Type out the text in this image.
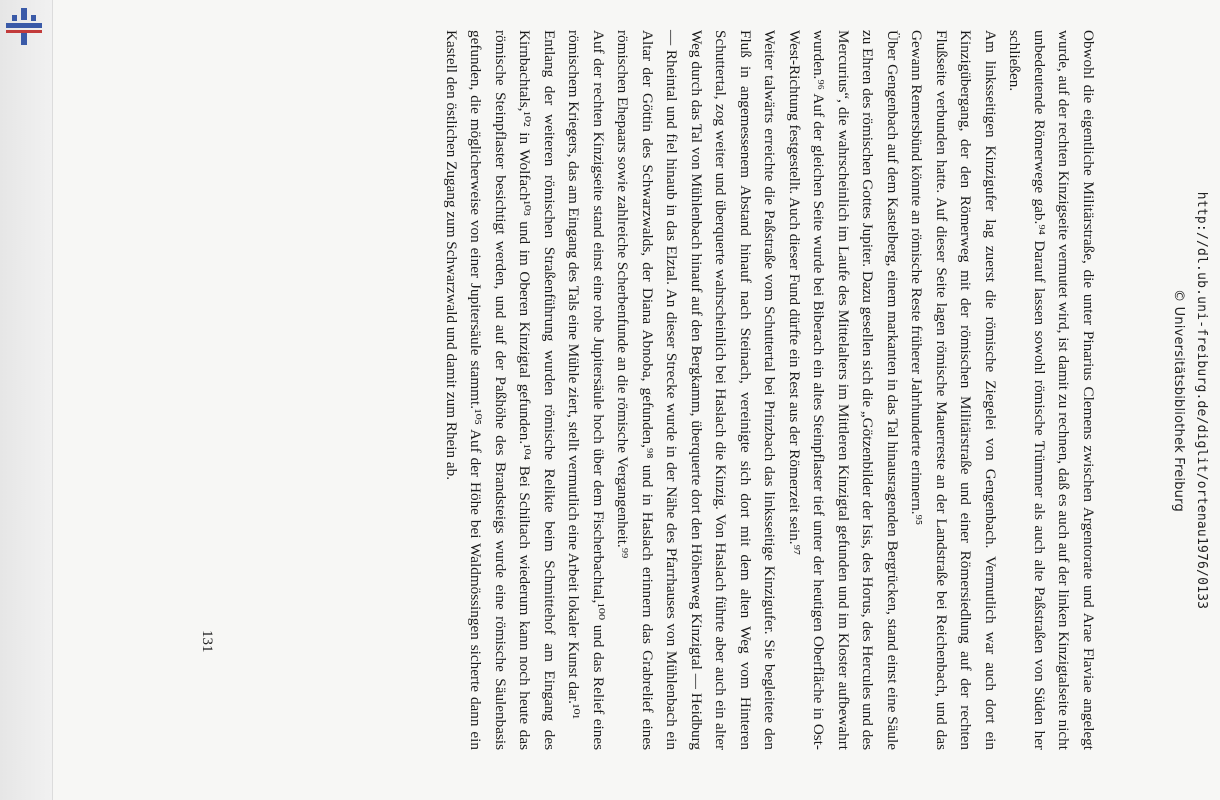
Obwohl die eigentliche Militärstraße, die unter Pinarius Clemens zwischen Argentorate und Arae Flaviae angelegt wurde, auf der rechten Kinzigseite vermutet wird, ist damit zu rechnen, daß es auch auf der linken Kinzigtalseite nicht unbedeutende Römerwege gab.⁹⁴ Darauf lassen sowohl römische Trümmer als auch alte Paßstraßen von Süden her schließen.

Am linksseitigen Kinzigufer lag zuerst die römische Ziegelei von Gengenbach. Vermutlich war auch dort ein Kinzigübergang, der den Römerweg mit der römischen Militärstraße und einer Römersiedlung auf der rechten Flußseite verbunden hatte. Auf dieser Seite lagen römische Mauerreste an der Landstraße bei Reichenbach, und das Gewann Remersbünd könnte an römische Reste früherer Jahrhunderte erinnern.⁹⁵

Über Gengenbach auf dem Kastelberg, einem markanten in das Tal hinausragenden Bergrücken, stand einst eine Säule zu Ehren des römischen Gottes Jupiter. Dazu gesellen sich die „Götzenbilder der Isis, des Horus, des Hercules und des Mercurius“, die wahrscheinlich im Laufe des Mittelalters im Mittleren Kinzigtal gefunden und im Kloster aufbewahrt wurden.⁹⁶ Auf der gleichen Seite wurde bei Biberach ein altes Steinpflaster tief unter der heutigen Oberfläche in Ost-West-Richtung festgestellt. Auch dieser Fund dürfte ein Rest aus der Römerzeit sein.⁹⁷

Weiter talwärts erreichte die Paßstraße vom Schuttertal bei Prinzbach das linksseitige Kinzigufer. Sie begleitete den Fluß in angemessenem Abstand hinauf nach Steinach, vereinigte sich dort mit dem alten Weg vom Hinteren Schuttertal, zog weiter und überquerte wahrscheinlich bei Haslach die Kinzig. Von Haslach führte aber auch ein alter Weg durch das Tal von Mühlenbach hinauf auf den Bergkamm, überquerte dort den Höhenweg Kinzigtal — Heidburg — Rheintal und fiel hinaub in das Elztal. An dieser Strecke wurde in der Nähe des Pfarrhauses von Mühlenbach ein Altar der Göttin des Schwarzwalds, der Diana Abnoba, gefunden,⁹⁸ und in Haslach erinnern das Grabrelief eines römischen Ehepaars sowie zahlreiche Scherbenfunde an die römische Vergangenheit.⁹⁹

Auf der rechten Kinzigseite stand einst eine rohe Jupitersäule hoch über dem Fischerbachtal,¹⁰⁰ und das Relief eines römischem Kriegers, das am Eingang des Tals eine Mühle ziert, stellt vermutlich eine Arbeit lokaler Kunst dar.¹⁰¹

Entlang der weiteren römischen Straßenführung wurden römische Relikte beim Schmittehof am Eingang des Kirnbachtals,¹⁰² in Wolfach¹⁰³ und im Oberen Kinzigtal gefunden.¹⁰⁴ Bei Schiltach wiederum kann noch heute das römische Steinpflaster besichtigt werden, und auf der Paßhöhe des Brandsteigs wurde eine römische Säulenbasis gefunden, die möglicherweise von einer Jupitersäule stammt.¹⁰⁵ Auf der Höhe bei Waldmössingen sicherte dann ein Kastell den östlichen Zugang zum Schwarzwald und damit zum Rhein ab.

131
http://dl.ub.uni-freiburg.de/diglit/ortenau1976/0133
© Universitätsbibliothek Freiburg
